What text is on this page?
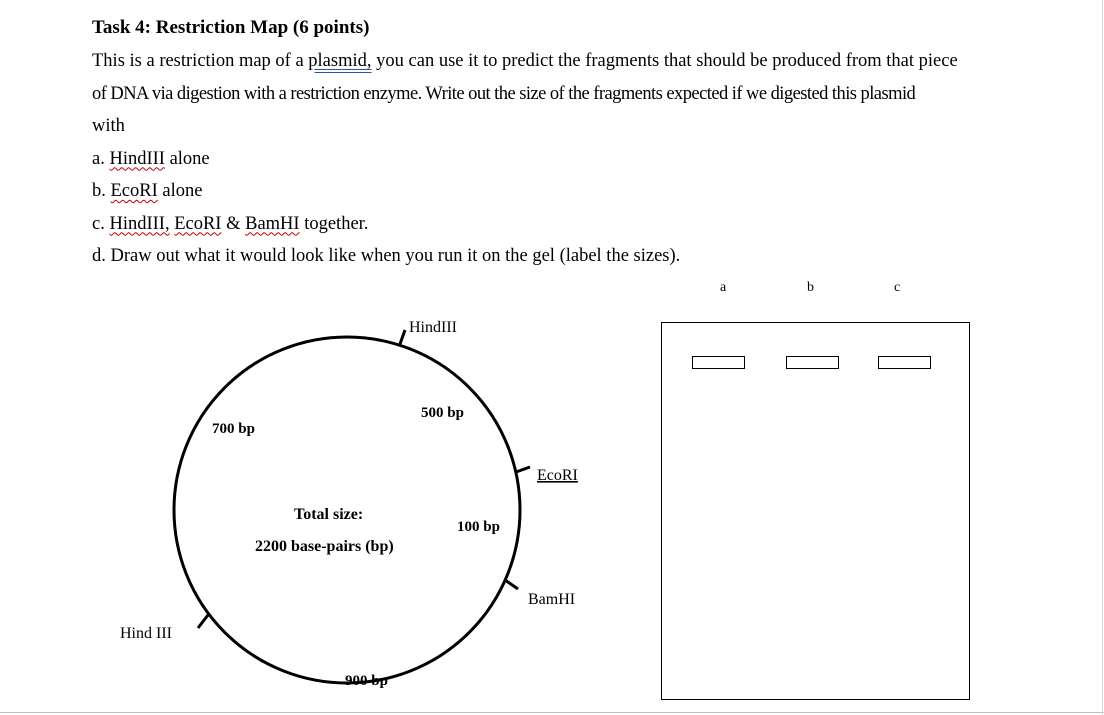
Task 4: Restriction Map (6 points)

This is a restriction map of a plasmid, you can use it to predict the fragments that should be produced from that piece

of DNA via digestion with a restriction enzyme. Write out the size of the fragments expected if we digested this plasmid

with

a. HindIII alone

b. EcoRI alone

c. HindIII, EcoRI & BamHI together.

d. Draw out what it would look like when you run it on the gel (label the sizes).

HindIII
EcoRI
BamHI
Hind III
700 bp
500 bp
100 bp
900 bp
Total size:
2200 base-pairs (bp)
a	b	c
